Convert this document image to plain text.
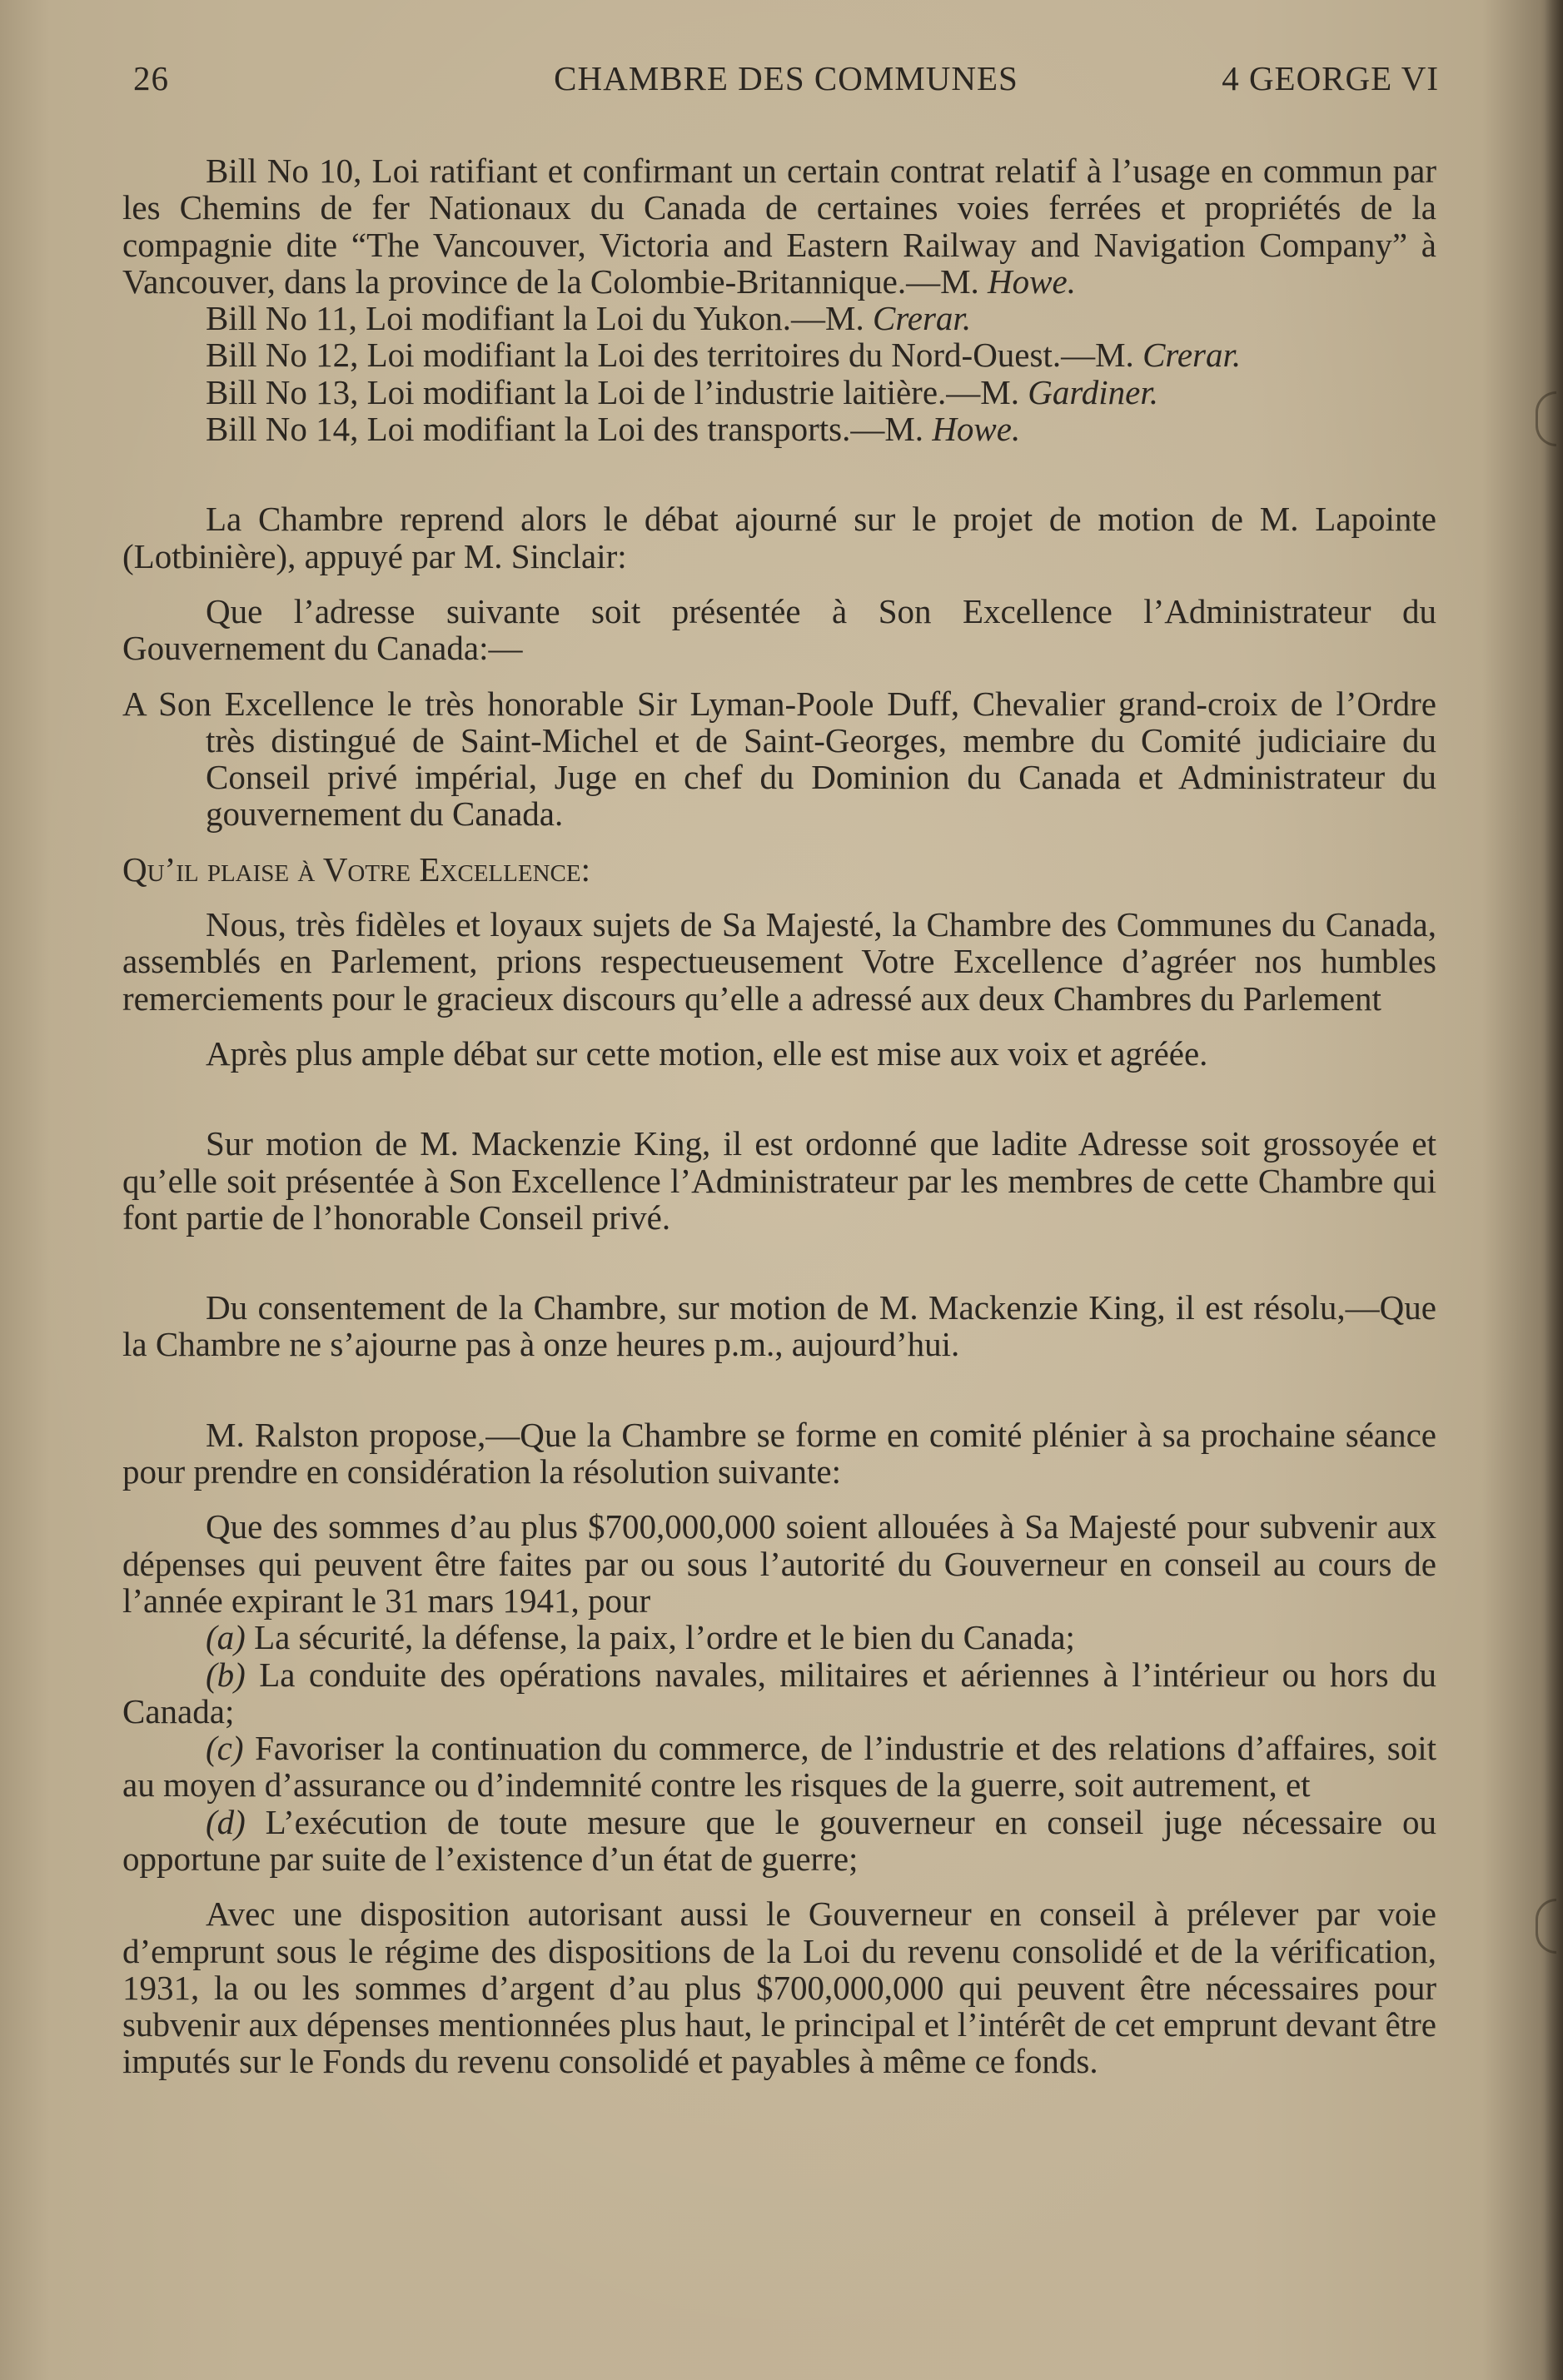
26	CHAMBRE DES COMMUNES	4 GEORGE VI

Bill No 10, Loi ratifiant et confirmant un certain contrat relatif à l’usage en commun par les Chemins de fer Nationaux du Canada de certaines voies ferrées et propriétés de la compagnie dite “The Vancouver, Victoria and Eastern Railway and Navigation Company” à Vancouver, dans la province de la Colombie-Britannique.—M. Howe.

Bill No 11, Loi modifiant la Loi du Yukon.—M. Crerar.

Bill No 12, Loi modifiant la Loi des territoires du Nord-Ouest.—M. Crerar.

Bill No 13, Loi modifiant la Loi de l’industrie laitière.—M. Gardiner.

Bill No 14, Loi modifiant la Loi des transports.—M. Howe.

La Chambre reprend alors le débat ajourné sur le projet de motion de M. Lapointe (Lotbinière), appuyé par M. Sinclair:

Que l’adresse suivante soit présentée à Son Excellence l’Administrateur du Gouvernement du Canada:—

A Son Excellence le très honorable Sir Lyman-Poole Duff, Chevalier grand-croix de l’Ordre très distingué de Saint-Michel et de Saint-Georges, membre du Comité judiciaire du Conseil privé impérial, Juge en chef du Dominion du Canada et Administrateur du gouvernement du Canada.

Qu’il plaise à Votre Excellence:

Nous, très fidèles et loyaux sujets de Sa Majesté, la Chambre des Communes du Canada, assemblés en Parlement, prions respectueusement Votre Excellence d’agréer nos humbles remerciements pour le gracieux discours qu’elle a adressé aux deux Chambres du Parlement

Après plus ample débat sur cette motion, elle est mise aux voix et agréée.

Sur motion de M. Mackenzie King, il est ordonné que ladite Adresse soit grossoyée et qu’elle soit présentée à Son Excellence l’Administrateur par les membres de cette Chambre qui font partie de l’honorable Conseil privé.

Du consentement de la Chambre, sur motion de M. Mackenzie King, il est résolu,—Que la Chambre ne s’ajourne pas à onze heures p.m., aujourd’hui.

M. Ralston propose,—Que la Chambre se forme en comité plénier à sa prochaine séance pour prendre en considération la résolution suivante:

Que des sommes d’au plus $700,000,000 soient allouées à Sa Majesté pour subvenir aux dépenses qui peuvent être faites par ou sous l’autorité du Gouverneur en conseil au cours de l’année expirant le 31 mars 1941, pour

(a) La sécurité, la défense, la paix, l’ordre et le bien du Canada;

(b) La conduite des opérations navales, militaires et aériennes à l’intérieur ou hors du Canada;

(c) Favoriser la continuation du commerce, de l’industrie et des relations d’affaires, soit au moyen d’assurance ou d’indemnité contre les risques de la guerre, soit autrement, et

(d) L’exécution de toute mesure que le gouverneur en conseil juge nécessaire ou opportune par suite de l’existence d’un état de guerre;

Avec une disposition autorisant aussi le Gouverneur en conseil à prélever par voie d’emprunt sous le régime des dispositions de la Loi du revenu consolidé et de la vérification, 1931, la ou les sommes d’argent d’au plus $700,000,000 qui peuvent être nécessaires pour subvenir aux dépenses mentionnées plus haut, le principal et l’intérêt de cet emprunt devant être imputés sur le Fonds du revenu consolidé et payables à même ce fonds.
